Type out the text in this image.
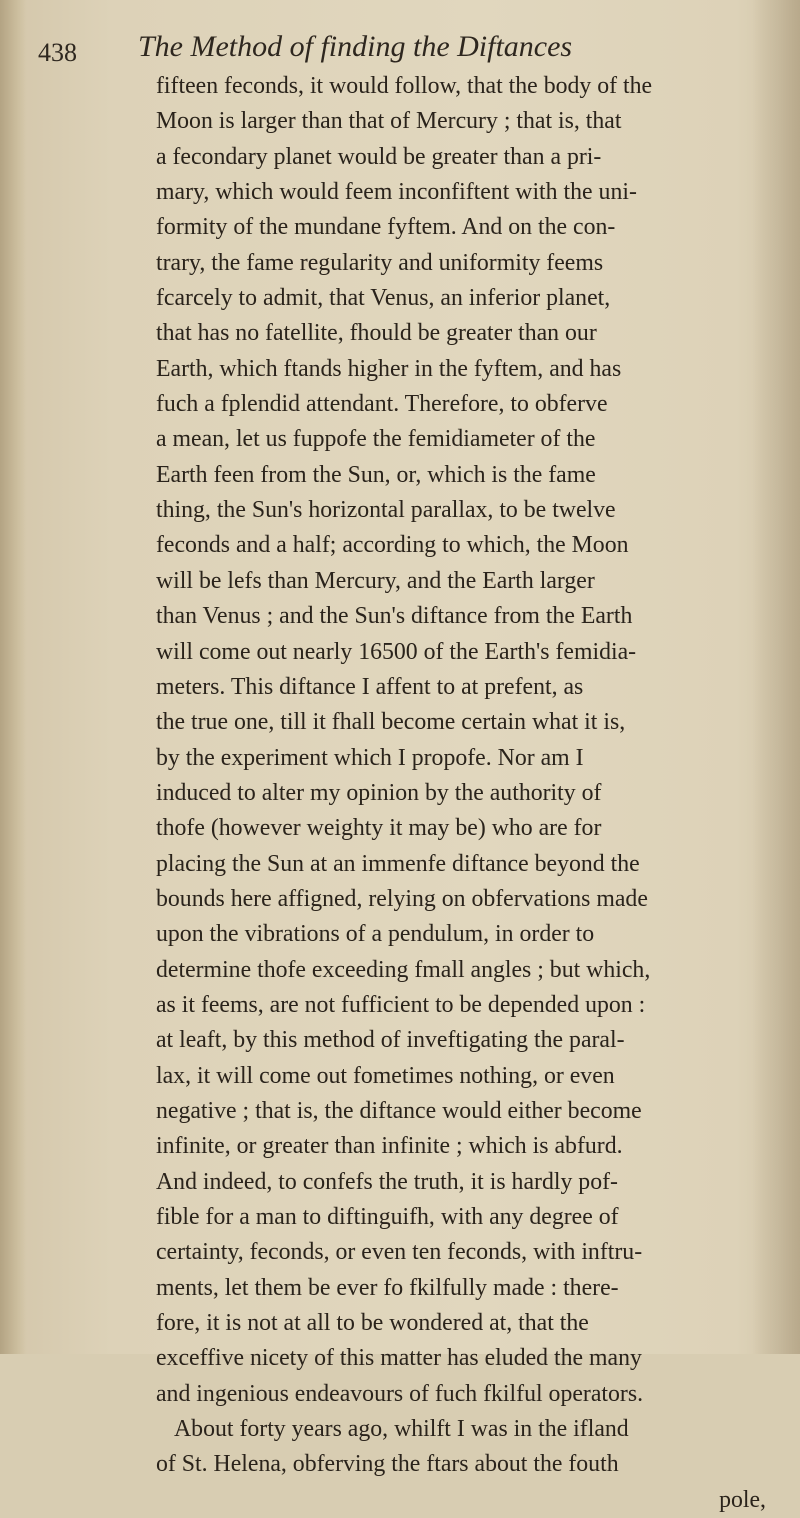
438 The Method of finding the Diftances
fifteen feconds, it would follow, that the body of the
Moon is larger than that of Mercury ; that is, that
a fecondary planet would be greater than a pri-
mary, which would feem inconfiftent with the uni-
formity of the mundane fyftem. And on the con-
trary, the fame regularity and uniformity feems
fcarcely to admit, that Venus, an inferior planet,
that has no fatellite, fhould be greater than our
Earth, which ftands higher in the fyftem, and has
fuch a fplendid attendant. Therefore, to obferve
a mean, let us fuppofe the femidiameter of the
Earth feen from the Sun, or, which is the fame
thing, the Sun's horizontal parallax, to be twelve
feconds and a half; according to which, the Moon
will be lefs than Mercury, and the Earth larger
than Venus ; and the Sun's diftance from the Earth
will come out nearly 16500 of the Earth's femidia-
meters. This diftance I affent to at prefent, as
the true one, till it fhall become certain what it is,
by the experiment which I propofe. Nor am I
induced to alter my opinion by the authority of
thofe (however weighty it may be) who are for
placing the Sun at an immenfe diftance beyond the
bounds here affigned, relying on obfervations made
upon the vibrations of a pendulum, in order to
determine thofe exceeding fmall angles ; but which,
as it feems, are not fufficient to be depended upon :
at leaft, by this method of inveftigating the paral-
lax, it will come out fometimes nothing, or even
negative ; that is, the diftance would either become
infinite, or greater than infinite ; which is abfurd.
And indeed, to confefs the truth, it is hardly pof-
fible for a man to diftinguifh, with any degree of
certainty, feconds, or even ten feconds, with inftru-
ments, let them be ever fo fkilfully made : there-
fore, it is not at all to be wondered at, that the
exceffive nicety of this matter has eluded the many
and ingenious endeavours of fuch fkilful operators.
About forty years ago, whilft I was in the ifland
of St. Helena, obferving the ftars about the fouth
pole,
